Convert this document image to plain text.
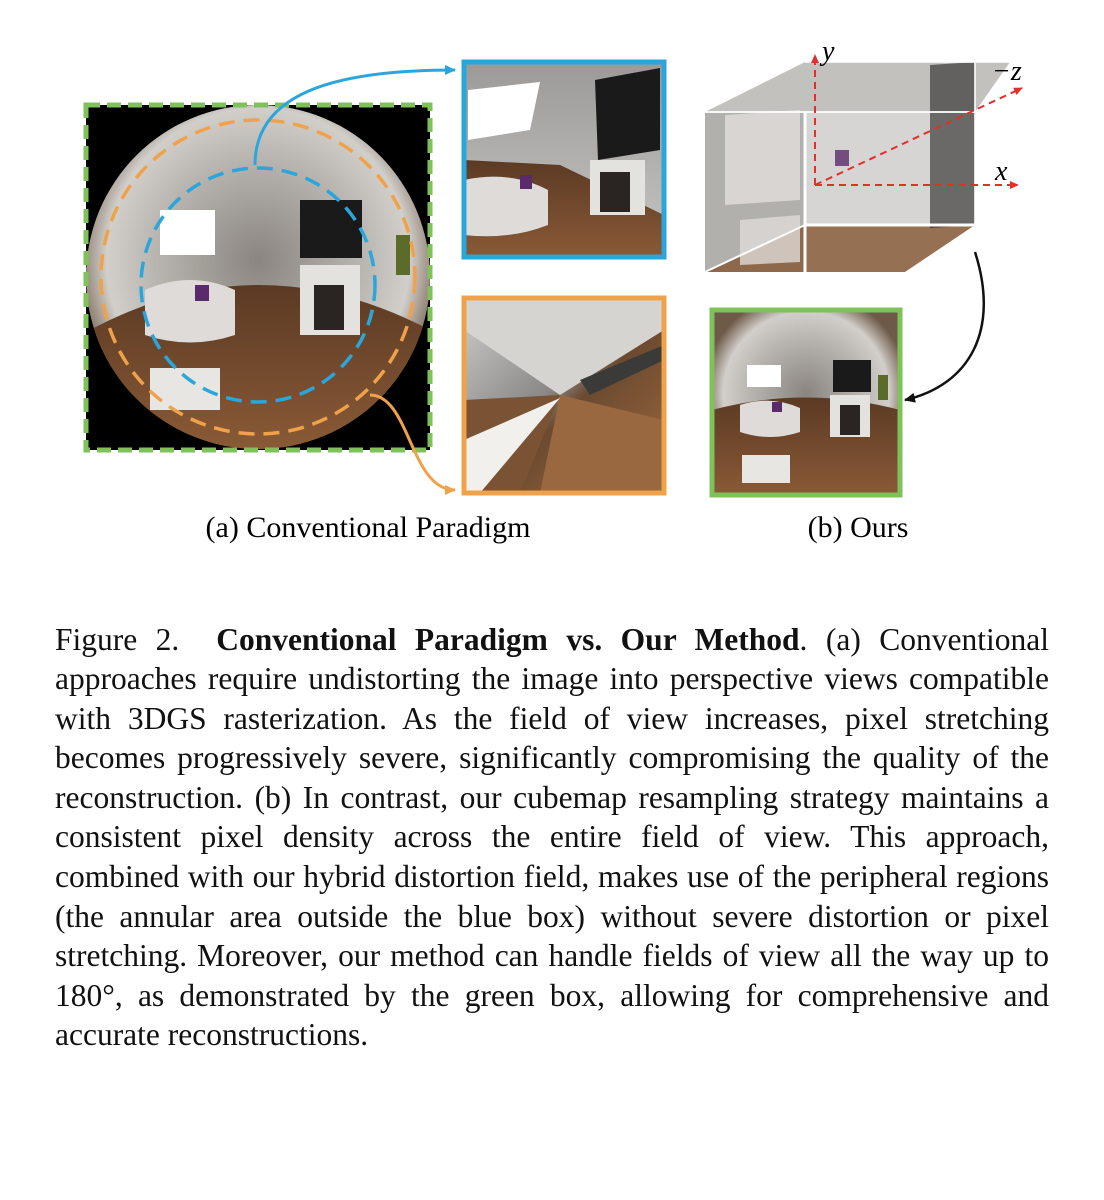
y
x
−z
(a) Conventional Paradigm	(b) Ours

Figure 2. Conventional Paradigm vs. Our Method. (a) Conventional approaches require undistorting the image into perspective views compatible with 3DGS rasterization. As the field of view increases, pixel stretching becomes progressively severe, significantly compromising the quality of the reconstruction. (b) In contrast, our cubemap resampling strategy maintains a consistent pixel density across the entire field of view. This approach, combined with our hybrid distortion field, makes use of the peripheral regions (the annular area outside the blue box) without severe distortion or pixel stretching. Moreover, our method can handle fields of view all the way up to 180°, as demonstrated by the green box, allowing for comprehensive and accurate reconstructions.
